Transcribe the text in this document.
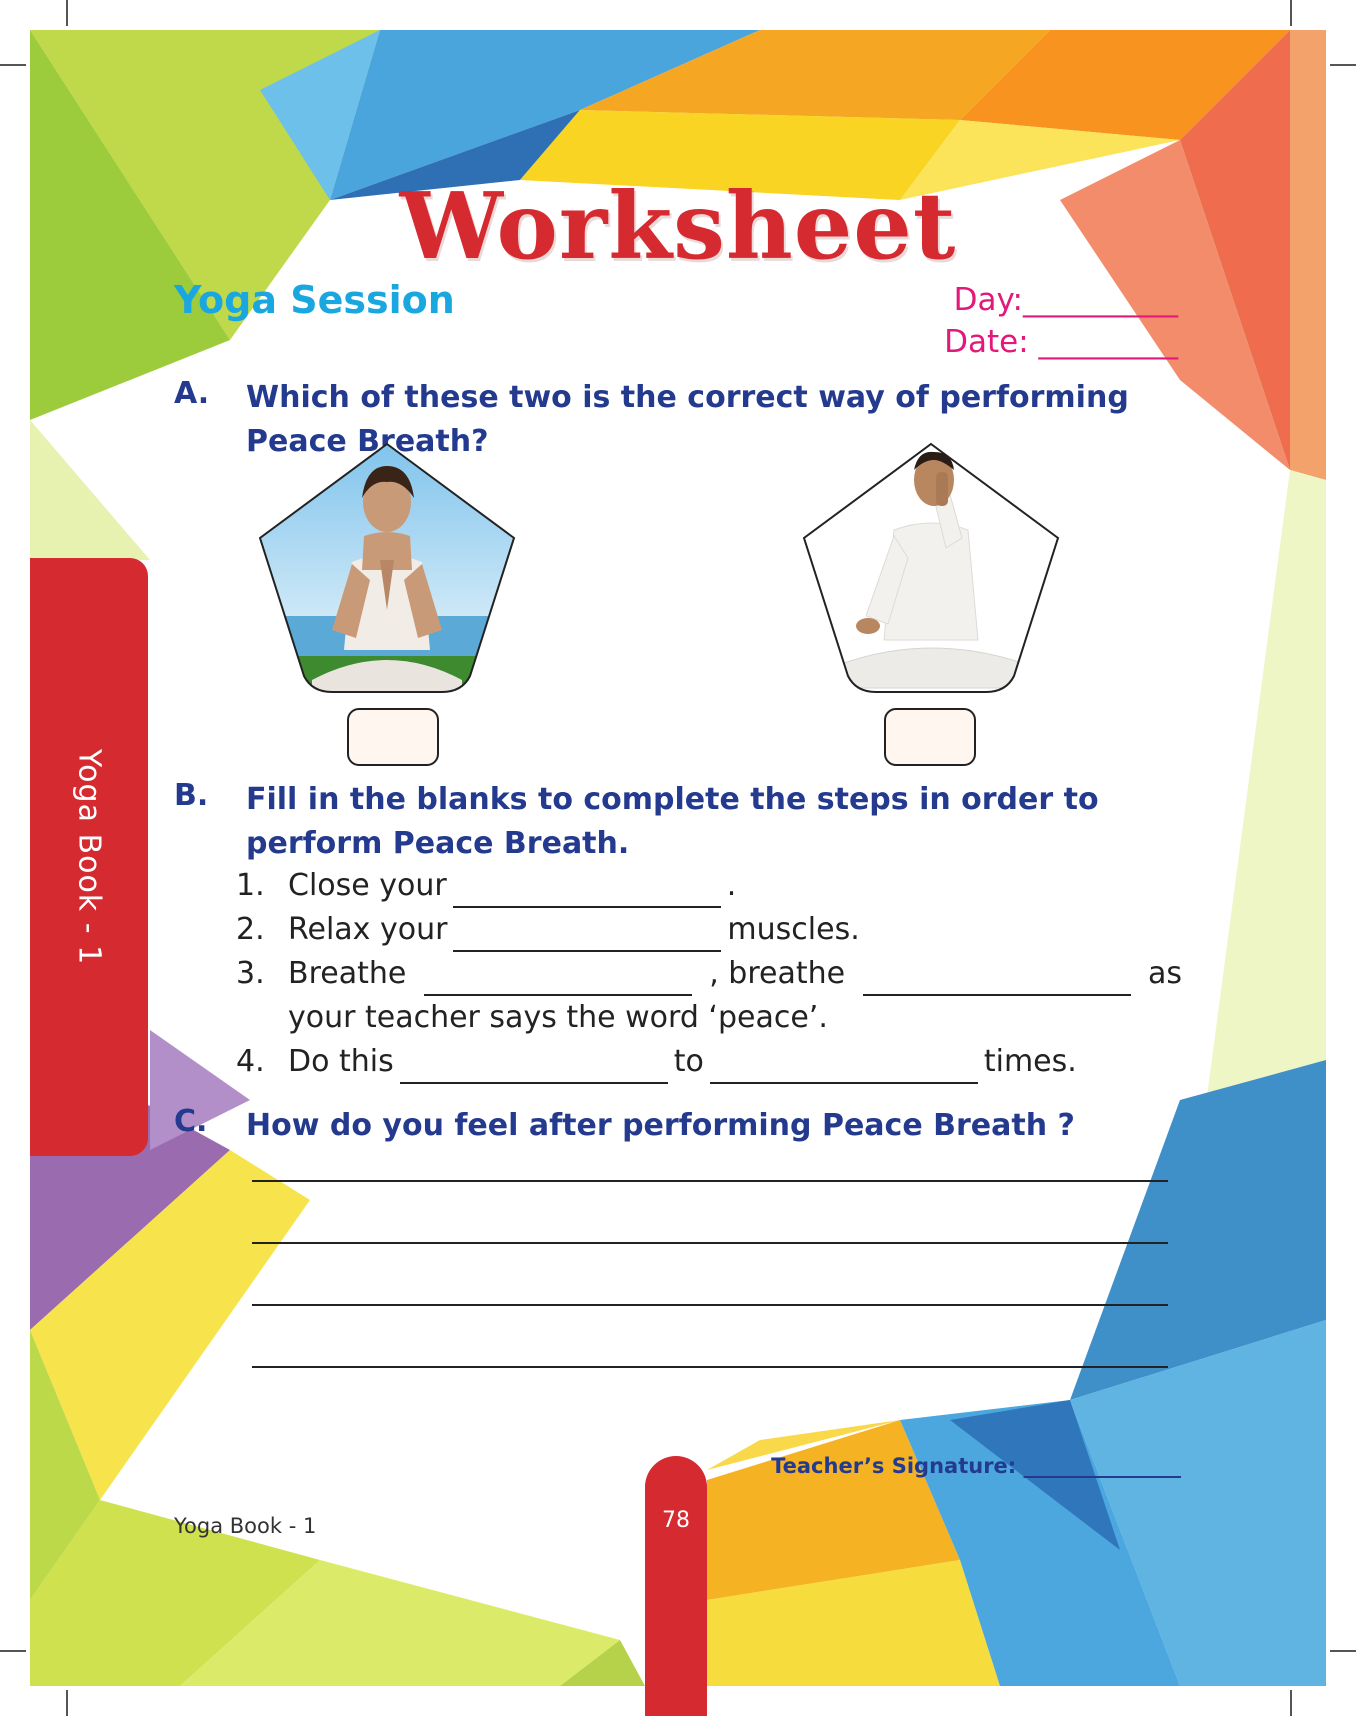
Worksheet
Yoga Session	Day:__________
Date: _________
Yoga Book - 1
A. Which of these two is the correct way of performing Peace Breath?
B. Fill in the blanks to complete the steps in order to perform Peace Breath.
1. Close your	.
2. Relax your	muscles.
3. Breathe	, breathe	as
your teacher says the word ‘peace’.
4. Do this	to	times.
C. How do you feel after performing Peace Breath ?
Teacher’s Signature: _______________
Yoga Book - 1	78
